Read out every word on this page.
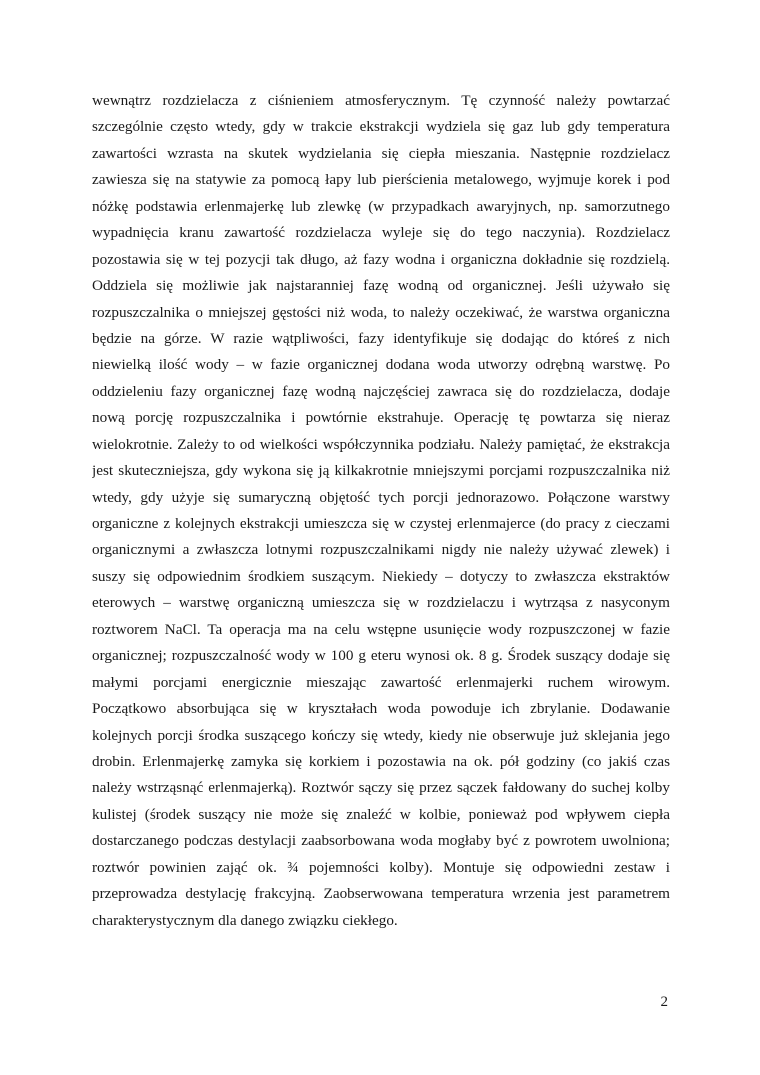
wewnątrz rozdzielacza z ciśnieniem atmosferycznym. Tę czynność należy powtarzać
szczególnie często wtedy, gdy w trakcie ekstrakcji wydziela się gaz lub gdy temperatura
zawartości wzrasta na skutek wydzielania się ciepła mieszania. Następnie rozdzielacz
zawiesza się na statywie za pomocą łapy lub pierścienia metalowego, wyjmuje korek i pod
nóżkę podstawia erlenmajerkę lub zlewkę (w przypadkach awaryjnych, np. samorzutnego
wypadnięcia kranu zawartość rozdzielacza wyleje się do tego naczynia). Rozdzielacz
pozostawia się w tej pozycji tak długo, aż fazy wodna i organiczna dokładnie się rozdzielą.
Oddziela się możliwie jak najstaranniej fazę wodną od organicznej. Jeśli używało się
rozpuszczalnika o mniejszej gęstości niż woda, to należy oczekiwać, że warstwa organiczna
będzie na górze. W razie wątpliwości, fazy identyfikuje się dodając do któreś z nich
niewielką ilość wody – w fazie organicznej dodana woda utworzy odrębną warstwę. Po
oddzieleniu fazy organicznej fazę wodną najczęściej zawraca się do rozdzielacza, dodaje
nową porcję rozpuszczalnika i powtórnie ekstrahuje. Operację tę powtarza się nieraz
wielokrotnie. Zależy to od wielkości współczynnika podziału. Należy pamiętać, że ekstrakcja
jest skuteczniejsza, gdy wykona się ją kilkakrotnie mniejszymi porcjami rozpuszczalnika niż
wtedy, gdy użyje się sumaryczną objętość tych porcji jednorazowo. Połączone warstwy
organiczne z kolejnych ekstrakcji umieszcza się w czystej erlenmajerce (do pracy z cieczami
organicznymi a zwłaszcza lotnymi rozpuszczalnikami nigdy nie należy używać zlewek) i
suszy się odpowiednim środkiem suszącym. Niekiedy – dotyczy to zwłaszcza ekstraktów
eterowych – warstwę organiczną umieszcza się w rozdzielaczu i wytrząsa z nasyconym
roztworem NaCl. Ta operacja ma na celu wstępne usunięcie wody rozpuszczonej w fazie
organicznej; rozpuszczalność wody w 100 g eteru wynosi ok. 8 g. Środek suszący dodaje się
małymi porcjami energicznie mieszając zawartość erlenmajerki ruchem wirowym.
Początkowo absorbująca się w kryształach woda powoduje ich zbrylanie. Dodawanie
kolejnych porcji środka suszącego kończy się wtedy, kiedy nie obserwuje już sklejania jego
drobin. Erlenmajerkę zamyka się korkiem i pozostawia na ok. pół godziny (co jakiś czas
należy wstrząsnąć erlenmajerką). Roztwór sączy się przez sączek fałdowany do suchej kolby
kulistej (środek suszący nie może się znaleźć w kolbie, ponieważ pod wpływem ciepła
dostarczanego podczas destylacji zaabsorbowana woda mogłaby być z powrotem uwolniona;
roztwór powinien zająć ok. ¾ pojemności kolby). Montuje się odpowiedni zestaw i
przeprowadza destylację frakcyjną. Zaobserwowana temperatura wrzenia jest parametrem
charakterystycznym dla danego związku ciekłego.
2
